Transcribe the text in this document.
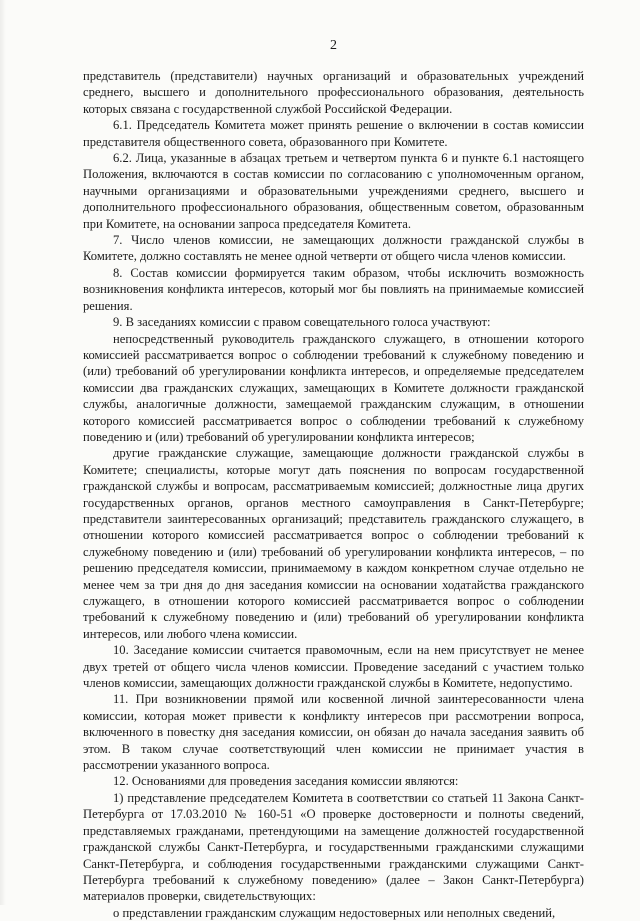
2

представитель (представители) научных организаций и образовательных учреждений среднего, высшего и дополнительного профессионального образования, деятельность которых связана с государственной службой Российской Федерации.

6.1. Председатель Комитета может принять решение о включении в состав комиссии представителя общественного совета, образованного при Комитете.

6.2. Лица, указанные в абзацах третьем и четвертом пункта 6 и пункте 6.1 настоящего Положения, включаются в состав комиссии по согласованию с уполномоченным органом, научными организациями и образовательными учреждениями среднего, высшего и дополнительного профессионального образования, общественным советом, образованным при Комитете, на основании запроса председателя Комитета.

7. Число членов комиссии, не замещающих должности гражданской службы в Комитете, должно составлять не менее одной четверти от общего числа членов комиссии.

8. Состав комиссии формируется таким образом, чтобы исключить возможность возникновения конфликта интересов, который мог бы повлиять на принимаемые комиссией решения.

9. В заседаниях комиссии с правом совещательного голоса участвуют:

непосредственный руководитель гражданского служащего, в отношении которого комиссией рассматривается вопрос о соблюдении требований к служебному поведению и (или) требований об урегулировании конфликта интересов, и определяемые председателем комиссии два гражданских служащих, замещающих в Комитете должности гражданской службы, аналогичные должности, замещаемой гражданским служащим, в отношении которого комиссией рассматривается вопрос о соблюдении требований к служебному поведению и (или) требований об урегулировании конфликта интересов;

другие гражданские служащие, замещающие должности гражданской службы в Комитете; специалисты, которые могут дать пояснения по вопросам государственной гражданской службы и вопросам, рассматриваемым комиссией; должностные лица других государственных органов, органов местного самоуправления в Санкт-Петербурге; представители заинтересованных организаций; представитель гражданского служащего, в отношении которого комиссией рассматривается вопрос о соблюдении требований к служебному поведению и (или) требований об урегулировании конфликта интересов, – по решению председателя комиссии, принимаемому в каждом конкретном случае отдельно не менее чем за три дня до дня заседания комиссии на основании ходатайства гражданского служащего, в отношении которого комиссией рассматривается вопрос о соблюдении требований к служебному поведению и (или) требований об урегулировании конфликта интересов, или любого члена комиссии.

10. Заседание комиссии считается правомочным, если на нем присутствует не менее двух третей от общего числа членов комиссии. Проведение заседаний с участием только членов комиссии, замещающих должности гражданской службы в Комитете, недопустимо.

11. При возникновении прямой или косвенной личной заинтересованности члена комиссии, которая может привести к конфликту интересов при рассмотрении вопроса, включенного в повестку дня заседания комиссии, он обязан до начала заседания заявить об этом. В таком случае соответствующий член комиссии не принимает участия в рассмотрении указанного вопроса.

12. Основаниями для проведения заседания комиссии являются:

1) представление председателем Комитета в соответствии со статьей 11 Закона Санкт-Петербурга от 17.03.2010 № 160-51 «О проверке достоверности и полноты сведений, представляемых гражданами, претендующими на замещение должностей государственной гражданской службы Санкт-Петербурга, и государственными гражданскими служащими Санкт-Петербурга, и соблюдения государственными гражданскими служащими Санкт-Петербурга требований к служебному поведению» (далее – Закон Санкт-Петербурга) материалов проверки, свидетельствующих:

о представлении гражданским служащим недостоверных или неполных сведений,
